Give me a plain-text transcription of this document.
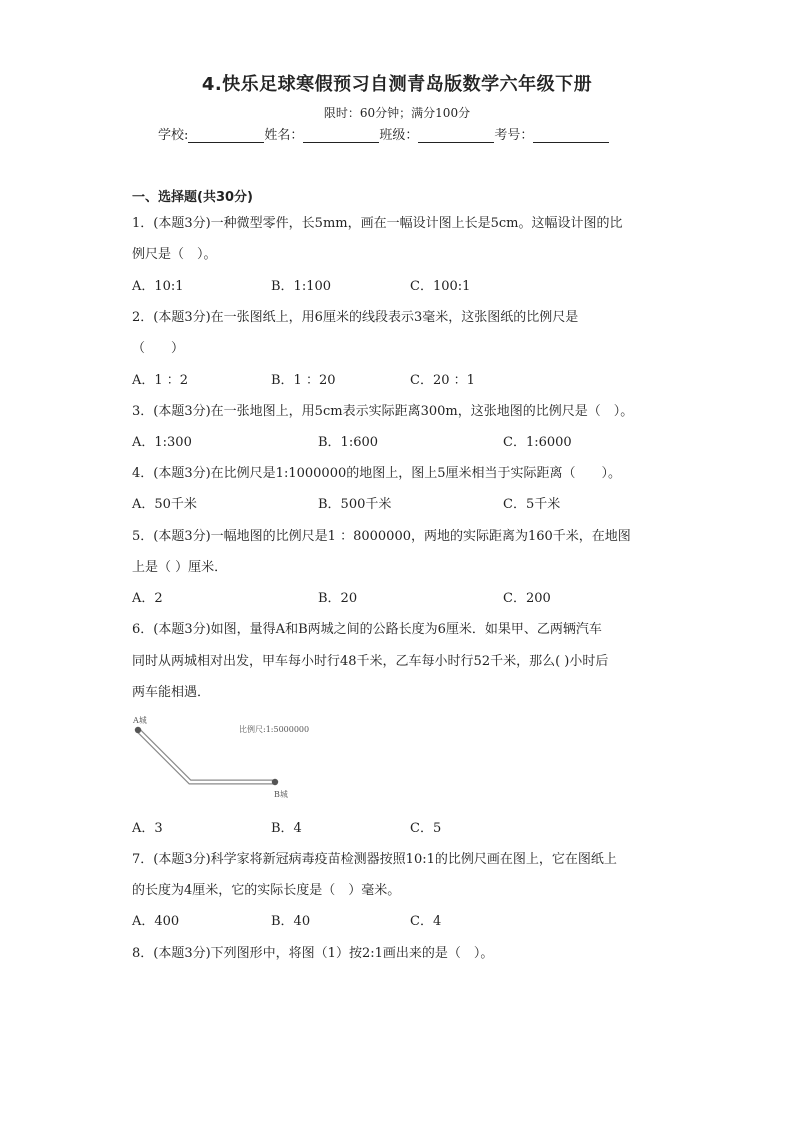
4.快乐足球寒假预习自测青岛版数学六年级下册
限时：60分钟；满分100分
学校:	姓名：	班级：	考号：
一、选择题(共30分)
1．(本题3分)一种微型零件，长5mm，画在一幅设计图上长是5cm。这幅设计图的比
例尺是（　）。
A．10:1	B．1:100	C．100:1
2．(本题3分)在一张图纸上，用6厘米的线段表示3毫米，这张图纸的比例尺是
（　　）
A．1 ：2	B．1 ：20	C．20 ：1
3．(本题3分)在一张地图上，用5cm表示实际距离300m，这张地图的比例尺是（　）。
A．1:300	B．1:600	C．1:6000
4．(本题3分)在比例尺是1:1000000的地图上，图上5厘米相当于实际距离（　　）。
A．50千米	B．500千米	C．5千米
5．(本题3分)一幅地图的比例尺是1 ：8000000，两地的实际距离为160千米，在地图
上是（ ）厘米．
A．2	B．20	C．200
6．(本题3分)如图，量得A和B两城之间的公路长度为6厘米．如果甲、乙两辆汽车
同时从两城相对出发，甲车每小时行48千米，乙车每小时行52千米，那么( )小时后
两车能相遇．
A城
B城
比例尺:1:5000000
A．3	B．4	C．5
7．(本题3分)科学家将新冠病毒疫苗检测器按照10:1的比例尺画在图上，它在图纸上
的长度为4厘米，它的实际长度是（　）毫米。
A．400	B．40	C．4
8．(本题3分)下列图形中，将图（1）按2:1画出来的是（　）。
